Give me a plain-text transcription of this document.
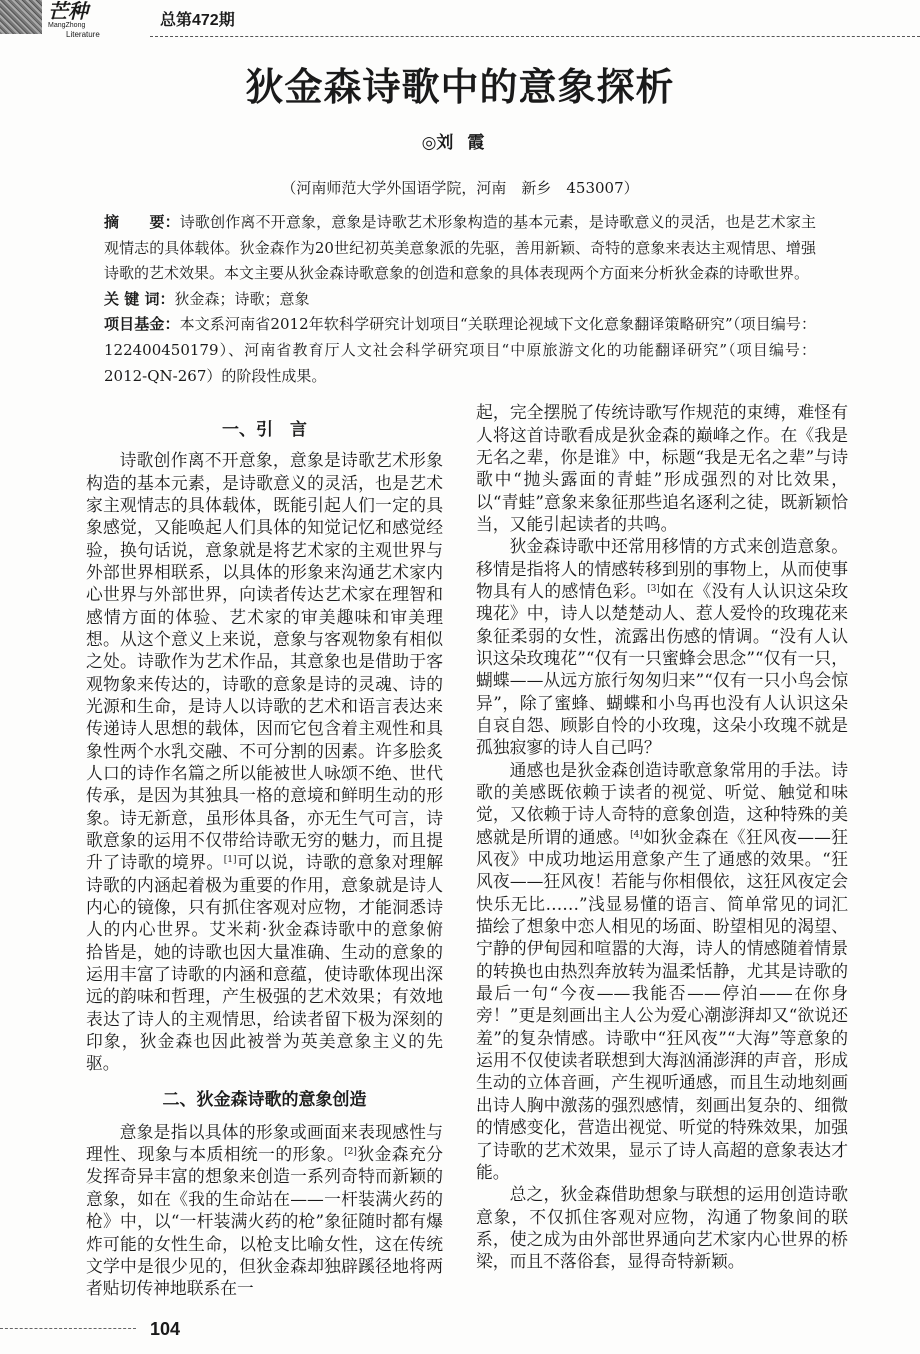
芒种
MangZhong
Literature
总第472期
狄金森诗歌中的意象探析
◎刘霞
（河南师范大学外国语学院，河南　新乡　453007）

摘　　要：诗歌创作离不开意象，意象是诗歌艺术形象构造的基本元素，是诗歌意义的灵活，也是艺术家主观情志的具体载体。狄金森作为20世纪初英美意象派的先驱，善用新颖、奇特的意象来表达主观情思、增强诗歌的艺术效果。本文主要从狄金森诗歌意象的创造和意象的具体表现两个方面来分析狄金森的诗歌世界。

关 键 词：狄金森；诗歌；意象

项目基金：本文系河南省2012年软科学研究计划项目“关联理论视域下文化意象翻译策略研究”（项目编号：122400450179）、河南省教育厅人文社会科学研究项目“中原旅游文化的功能翻译研究”（项目编号：2012-QN-267）的阶段性成果。

一、引　言

诗歌创作离不开意象，意象是诗歌艺术形象构造的基本元素，是诗歌意义的灵活，也是艺术家主观情志的具体载体，既能引起人们一定的具象感觉，又能唤起人们具体的知觉记忆和感觉经验，换句话说，意象就是将艺术家的主观世界与外部世界相联系，以具体的形象来沟通艺术家内心世界与外部世界，向读者传达艺术家在理智和感情方面的体验、艺术家的审美趣味和审美理想。从这个意义上来说，意象与客观物象有相似之处。诗歌作为艺术作品，其意象也是借助于客观物象来传达的，诗歌的意象是诗的灵魂、诗的光源和生命，是诗人以诗歌的艺术和语言表达来传递诗人思想的载体，因而它包含着主观性和具象性两个水乳交融、不可分割的因素。许多脍炙人口的诗作名篇之所以能被世人咏颂不绝、世代传承，是因为其独具一格的意境和鲜明生动的形象。诗无新意，虽形体具备，亦无生气可言，诗歌意象的运用不仅带给诗歌无穷的魅力，而且提升了诗歌的境界。[1]可以说，诗歌的意象对理解诗歌的内涵起着极为重要的作用，意象就是诗人内心的镜像，只有抓住客观对应物，才能洞悉诗人的内心世界。艾米莉·狄金森诗歌中的意象俯拾皆是，她的诗歌也因大量准确、生动的意象的运用丰富了诗歌的内涵和意蕴，使诗歌体现出深远的韵味和哲理，产生极强的艺术效果；有效地表达了诗人的主观情思，给读者留下极为深刻的印象，狄金森也因此被誉为英美意象主义的先驱。

二、狄金森诗歌的意象创造

意象是指以具体的形象或画面来表现感性与理性、现象与本质相统一的形象。[2]狄金森充分发挥奇异丰富的想象来创造一系列奇特而新颖的意象，如在《我的生命站在——一杆装满火药的枪》中，以“一杆装满火药的枪”象征随时都有爆炸可能的女性生命，以枪支比喻女性，这在传统文学中是很少见的，但狄金森却独辟蹊径地将两者贴切传神地联系在一

起，完全摆脱了传统诗歌写作规范的束缚，难怪有人将这首诗歌看成是狄金森的巅峰之作。在《我是无名之辈，你是谁》中，标题“我是无名之辈”与诗歌中“抛头露面的青蛙”形成强烈的对比效果，以“青蛙”意象来象征那些追名逐利之徒，既新颖恰当，又能引起读者的共鸣。

狄金森诗歌中还常用移情的方式来创造意象。移情是指将人的情感转移到别的事物上，从而使事物具有人的感情色彩。[3]如在《没有人认识这朵玫瑰花》中，诗人以楚楚动人、惹人爱怜的玫瑰花来象征柔弱的女性，流露出伤感的情调。“没有人认识这朵玫瑰花”“仅有一只蜜蜂会思念”“仅有一只，蝴蝶——从远方旅行匆匆归来”“仅有一只小鸟会惊异”，除了蜜蜂、蝴蝶和小鸟再也没有人认识这朵自哀自怨、顾影自怜的小玫瑰，这朵小玫瑰不就是孤独寂寥的诗人自己吗？

通感也是狄金森创造诗歌意象常用的手法。诗歌的美感既依赖于读者的视觉、听觉、触觉和味觉，又依赖于诗人奇特的意象创造，这种特殊的美感就是所谓的通感。[4]如狄金森在《狂风夜——狂风夜》中成功地运用意象产生了通感的效果。“狂风夜——狂风夜！若能与你相偎依，这狂风夜定会快乐无比……”浅显易懂的语言、简单常见的词汇描绘了想象中恋人相见的场面、盼望相见的渴望、宁静的伊甸园和喧嚣的大海，诗人的情感随着情景的转换也由热烈奔放转为温柔恬静，尤其是诗歌的最后一句“今夜——我能否——停泊——在你身旁！”更是刻画出主人公为爱心潮澎湃却又“欲说还羞”的复杂情感。诗歌中“狂风夜”“大海”等意象的运用不仅使读者联想到大海汹涌澎湃的声音，形成生动的立体音画，产生视听通感，而且生动地刻画出诗人胸中激荡的强烈感情，刻画出复杂的、细微的情感变化，营造出视觉、听觉的特殊效果，加强了诗歌的艺术效果，显示了诗人高超的意象表达才能。

总之，狄金森借助想象与联想的运用创造诗歌意象，不仅抓住客观对应物，沟通了物象间的联系，使之成为由外部世界通向艺术家内心世界的桥梁，而且不落俗套，显得奇特新颖。

104
